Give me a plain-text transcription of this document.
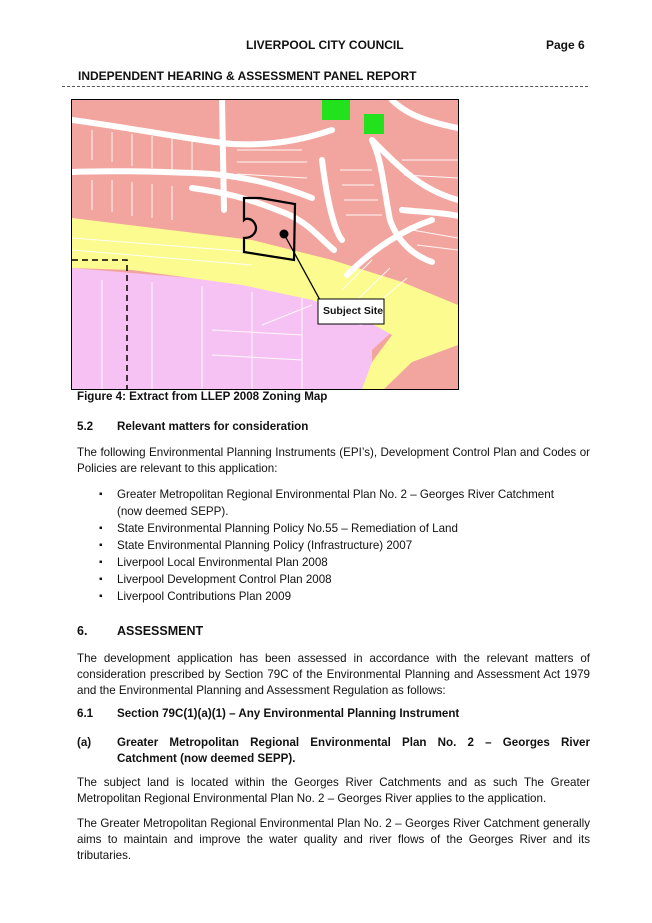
LIVERPOOL CITY COUNCIL	Page 6
INDEPENDENT HEARING & ASSESSMENT PANEL REPORT
Subject Site
Figure 4: Extract from LLEP 2008 Zoning Map
5.2 Relevant matters for consideration
The following Environmental Planning Instruments (EPI’s), Development Control Plan and Codes or Policies are relevant to this application:
▪ Greater Metropolitan Regional Environmental Plan No. 2 – Georges River Catchment (now deemed SEPP).
▪ State Environmental Planning Policy No.55 – Remediation of Land
▪ State Environmental Planning Policy (Infrastructure) 2007
▪ Liverpool Local Environmental Plan 2008
▪ Liverpool Development Control Plan 2008
▪ Liverpool Contributions Plan 2009
6. ASSESSMENT
The development application has been assessed in accordance with the relevant matters of consideration prescribed by Section 79C of the Environmental Planning and Assessment Act 1979 and the Environmental Planning and Assessment Regulation as follows:
6.1 Section 79C(1)(a)(1) – Any Environmental Planning Instrument
(a) Greater Metropolitan Regional Environmental Plan No. 2 – Georges River
Catchment (now deemed SEPP).
The subject land is located within the Georges River Catchments and as such The Greater Metropolitan Regional Environmental Plan No. 2 – Georges River applies to the application.
The Greater Metropolitan Regional Environmental Plan No. 2 – Georges River Catchment generally aims to maintain and improve the water quality and river flows of the Georges River and its tributaries.
